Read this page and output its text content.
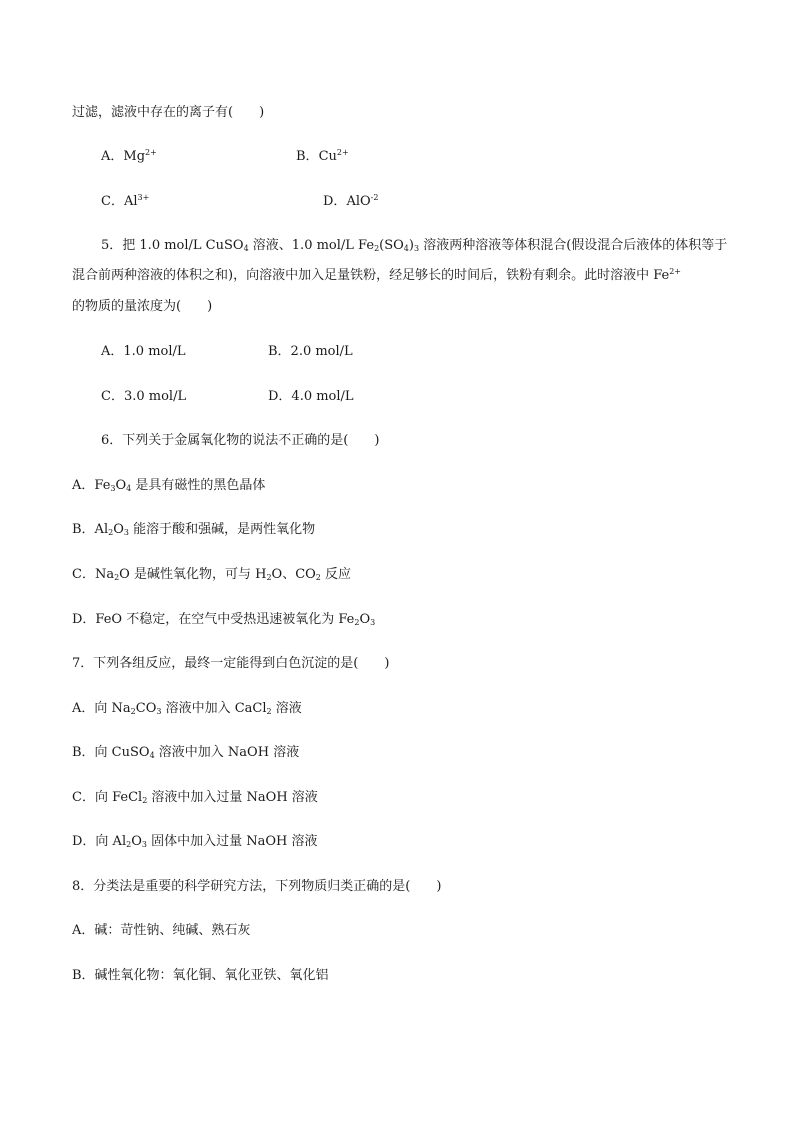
过滤，滤液中存在的离子有(　　)
A．$Mg^{2+}$	B．$Cu^{2+}$
C．$Al^{3+}$	D．AlO$^{-2}$
5．把 1.0 mol/L CuSO$_4$ 溶液、1.0 mol/L $Fe_2(SO_4)_3$ 溶液两种溶液等体积混合(假设混合后液体的体积等于
混合前两种溶液的体积之和)，向溶液中加入足量铁粉，经足够长的时间后，铁粉有剩余。此时溶液中 $Fe^{2+}$
的物质的量浓度为(　　)
A．1.0 mol/L	B．2.0 mol/L
C．3.0 mol/L	D．4.0 mol/L
6．下列关于金属氧化物的说法不正确的是(　　)
A．$Fe_3O_4$ 是具有磁性的黑色晶体
B．$Al_2O_3$ 能溶于酸和强碱，是两性氧化物
C．$Na_2O$ 是碱性氧化物，可与 $H_2O$、$CO_2$ 反应
D．FeO 不稳定，在空气中受热迅速被氧化为 $Fe_2O_3$
7．下列各组反应，最终一定能得到白色沉淀的是(　　)
A．向 $Na_2CO_3$ 溶液中加入 CaCl$_2$ 溶液
B．向 CuSO$_4$ 溶液中加入 NaOH 溶液
C．向 FeCl$_2$ 溶液中加入过量 NaOH 溶液
D．向 $Al_2O_3$ 固体中加入过量 NaOH 溶液
8．分类法是重要的科学研究方法，下列物质归类正确的是(　　)
A．碱：苛性钠、纯碱、熟石灰
B．碱性氧化物：氧化铜、氧化亚铁、氧化铝
